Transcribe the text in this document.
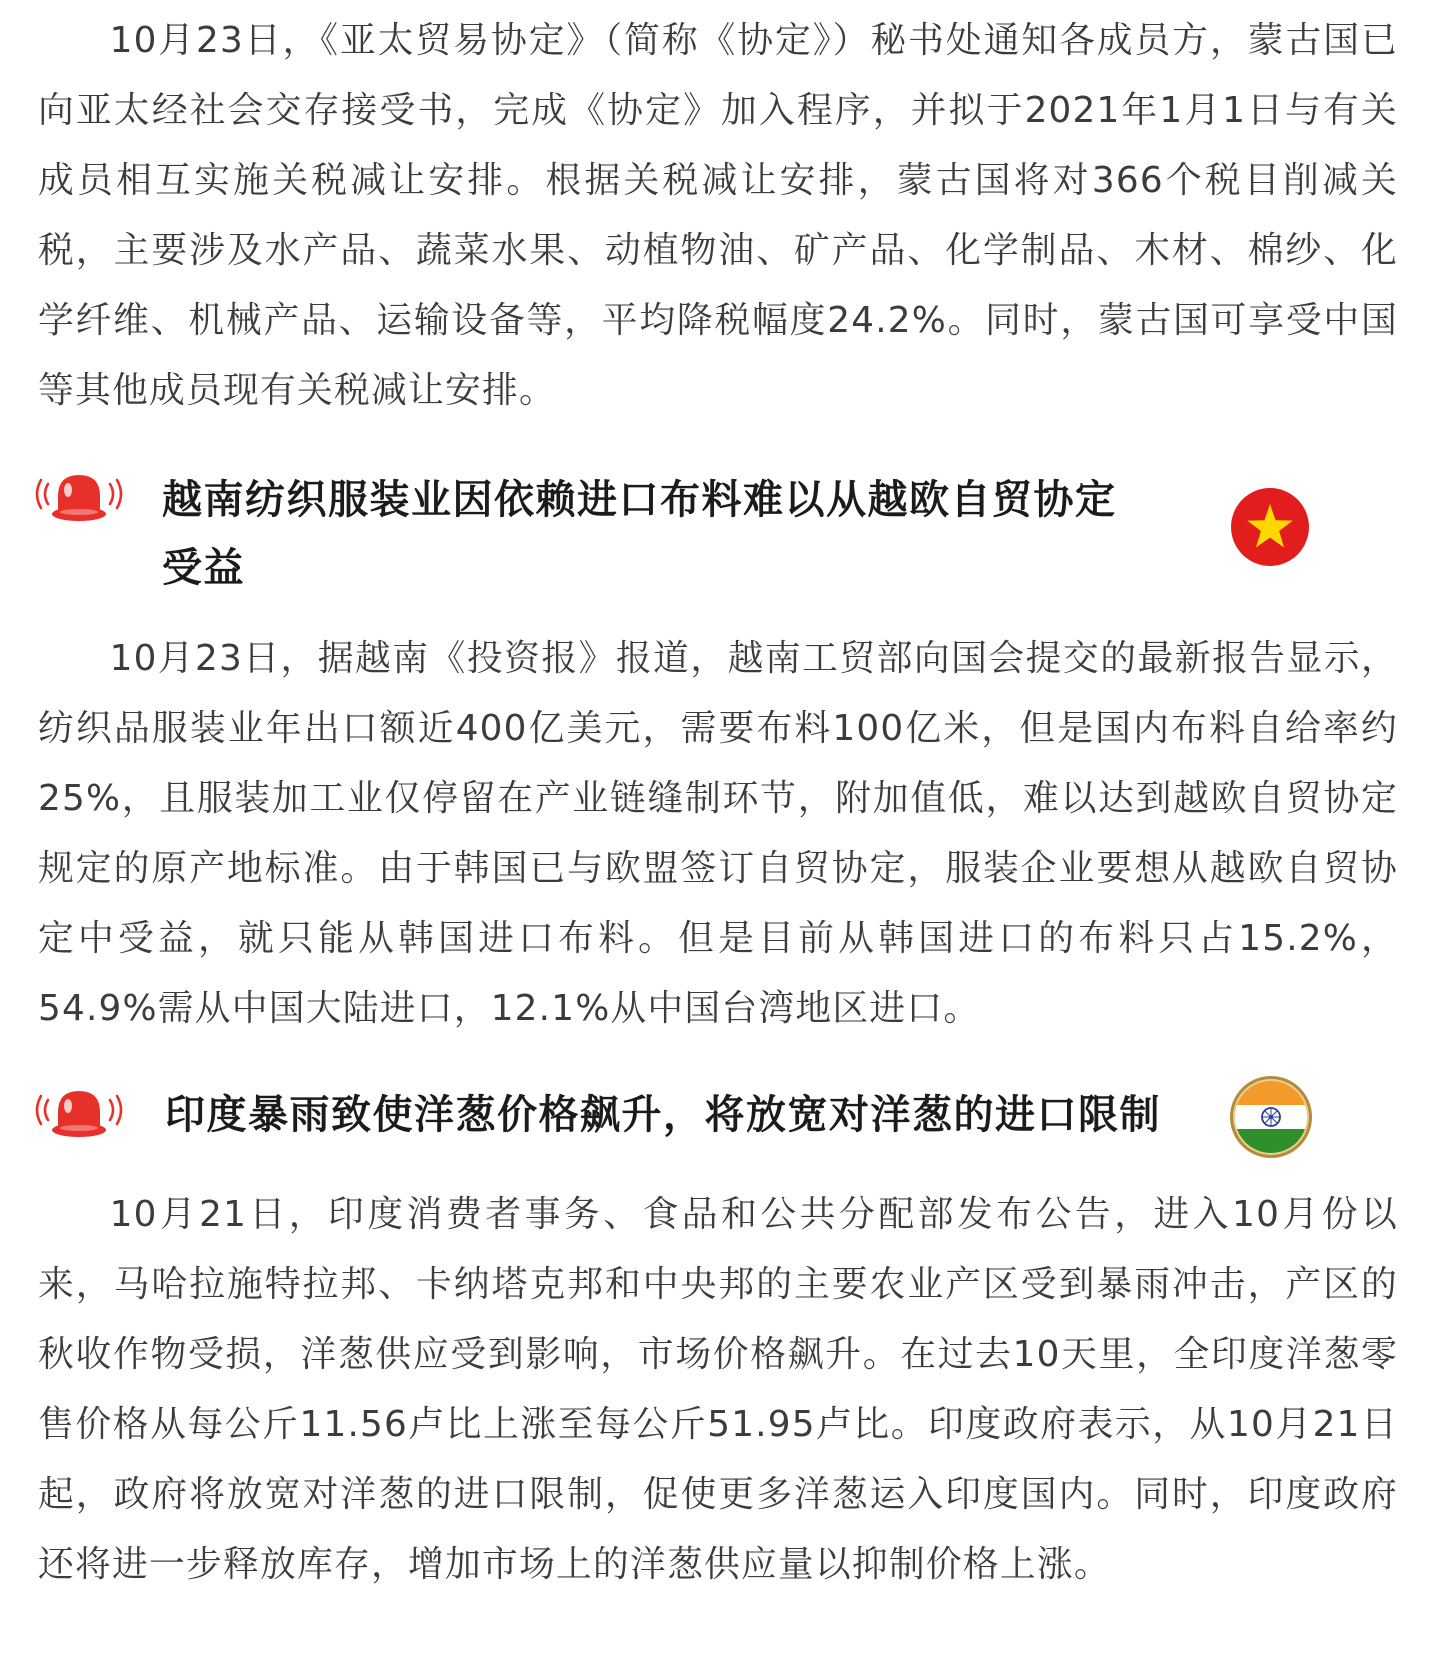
10月23日，《亚太贸易协定》（简称《协定》）秘书处通知各成员方，蒙古国已向亚太经社会交存接受书，完成《协定》加入程序，并拟于2021年1月1日与有关成员相互实施关税减让安排。根据关税减让安排，蒙古国将对366个税目削减关税，主要涉及水产品、蔬菜水果、动植物油、矿产品、化学制品、木材、棉纱、化学纤维、机械产品、运输设备等，平均降税幅度24.2%。同时，蒙古国可享受中国等其他成员现有关税减让安排。

越南纺织服装业因依赖进口布料难以从越欧自贸协定受益

10月23日，据越南《投资报》报道，越南工贸部向国会提交的最新报告显示，纺织品服装业年出口额近400亿美元，需要布料100亿米，但是国内布料自给率约25%，且服装加工业仅停留在产业链缝制环节，附加值低，难以达到越欧自贸协定规定的原产地标准。由于韩国已与欧盟签订自贸协定，服装企业要想从越欧自贸协定中受益，就只能从韩国进口布料。但是目前从韩国进口的布料只占15.2%，54.9%需从中国大陆进口，12.1%从中国台湾地区进口。

印度暴雨致使洋葱价格飙升，将放宽对洋葱的进口限制

10月21日，印度消费者事务、食品和公共分配部发布公告，进入10月份以来，马哈拉施特拉邦、卡纳塔克邦和中央邦的主要农业产区受到暴雨冲击，产区的秋收作物受损，洋葱供应受到影响，市场价格飙升。在过去10天里，全印度洋葱零售价格从每公斤11.56卢比上涨至每公斤51.95卢比。印度政府表示，从10月21日起，政府将放宽对洋葱的进口限制，促使更多洋葱运入印度国内。同时，印度政府还将进一步释放库存，增加市场上的洋葱供应量以抑制价格上涨。
